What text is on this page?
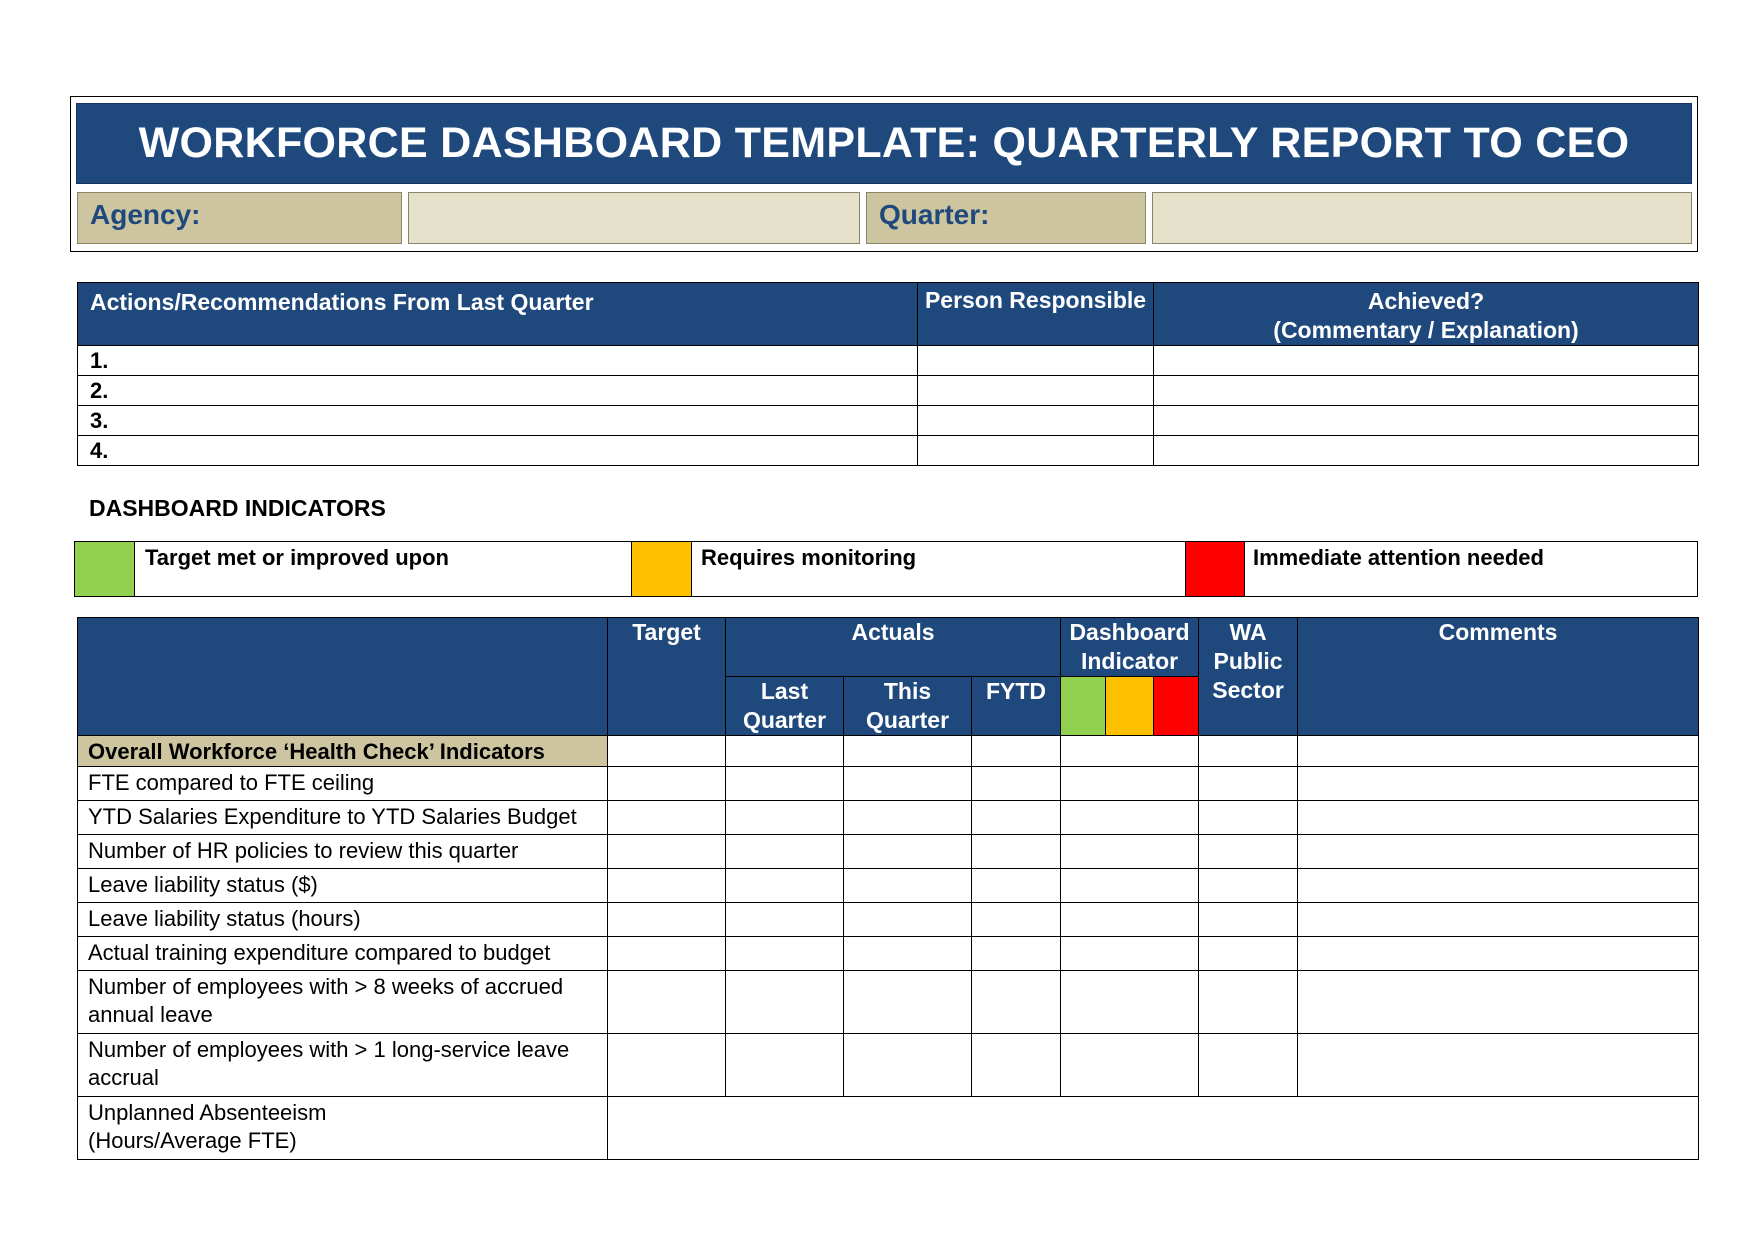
WORKFORCE DASHBOARD TEMPLATE: QUARTERLY REPORT TO CEO
Agency:	Quarter:
Actions/Recommendations From Last Quarter	Person Responsible	Achieved?
(Commentary / Explanation)

1.		
2.		
3.		
4.		
DASHBOARD INDICATORS
Target met or improved upon	Requires monitoring	Immediate attention needed
	Target	Actuals			Dashboard Indicator			WA Public Sector	Comments
		Last Quarter	This Quarter	FYTD					
Overall Workforce ‘Health Check’ Indicators									
FTE compared to FTE ceiling									
YTD Salaries Expenditure to YTD Salaries Budget									
Number of HR policies to review this quarter									
Leave liability status ($)									
Leave liability status (hours)									
Actual training expenditure compared to budget									
Number of employees with > 8 weeks of accrued annual leave									
Number of employees with > 1 long-service leave accrual									

Unplanned Absenteeism
(Hours/Average FTE)									
